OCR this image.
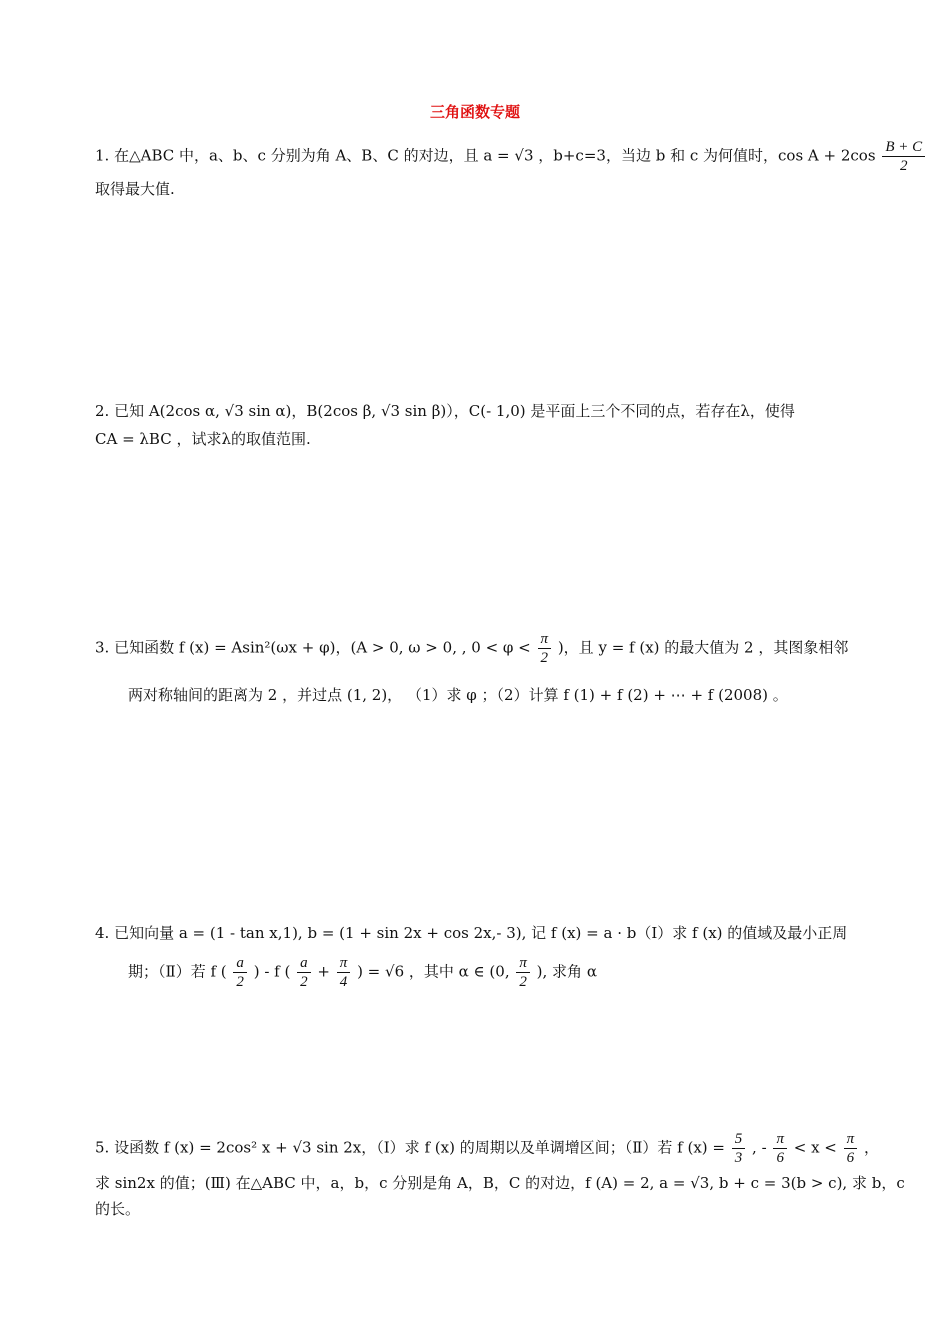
三角函数专题
1. 在△ABC 中，a、b、c 分别为角 A、B、C 的对边，且 a = √3 ，b+c=3，当边 b 和 c 为何值时，$\cos A + 2\cos \frac{B + C}{2}$
取得最大值.
2. 已知 A(2cos α, √3 sin α)，B(2cos β, √3 sin β)），C(- 1,0) 是平面上三个不同的点，若存在λ，使得
CA = λBC ，试求λ的取值范围.
3. 已知函数 f (x) = Asin²(ωx + φ)，(A > 0, ω > 0, , $0 < \varphi < \frac{\pi}{2}$ )，且 y = f (x) 的最大值为 2 ，其图象相邻
两对称轴间的距离为 2 ，并过点 (1, 2)， （1）求 φ ；（2）计算 f (1) + f (2) + ⋯ + f (2008) 。
4. 已知向量 a = (1 - tan x,1), b = (1 + sin 2x + cos 2x,- 3), 记 f (x) = a · b（Ⅰ）求 f (x) 的值域及最小正周
期；（Ⅱ）若 f ( $\frac{a}{2}$ ) - f ( $\frac{a}{2} + \frac{\pi}{4}$ ) = √6 ，其中 α ∈ (0, $\frac{\pi}{2}$ ), 求角 α
5. 设函数 f (x) = 2cos² x + √3 sin 2x，（Ⅰ）求 f (x) 的周期以及单调增区间；（Ⅱ）若 f $(x) = \frac{5}{3}$ , - $\frac{\pi}{6} < x < \frac{\pi}{6}$ ，
求 sin2x 的值；(Ⅲ) 在△ABC 中，a，b，c 分别是角 A，B，C 的对边，f (A) = 2, a = √3, b + c = 3(b > c), 求 b，c
的长。
